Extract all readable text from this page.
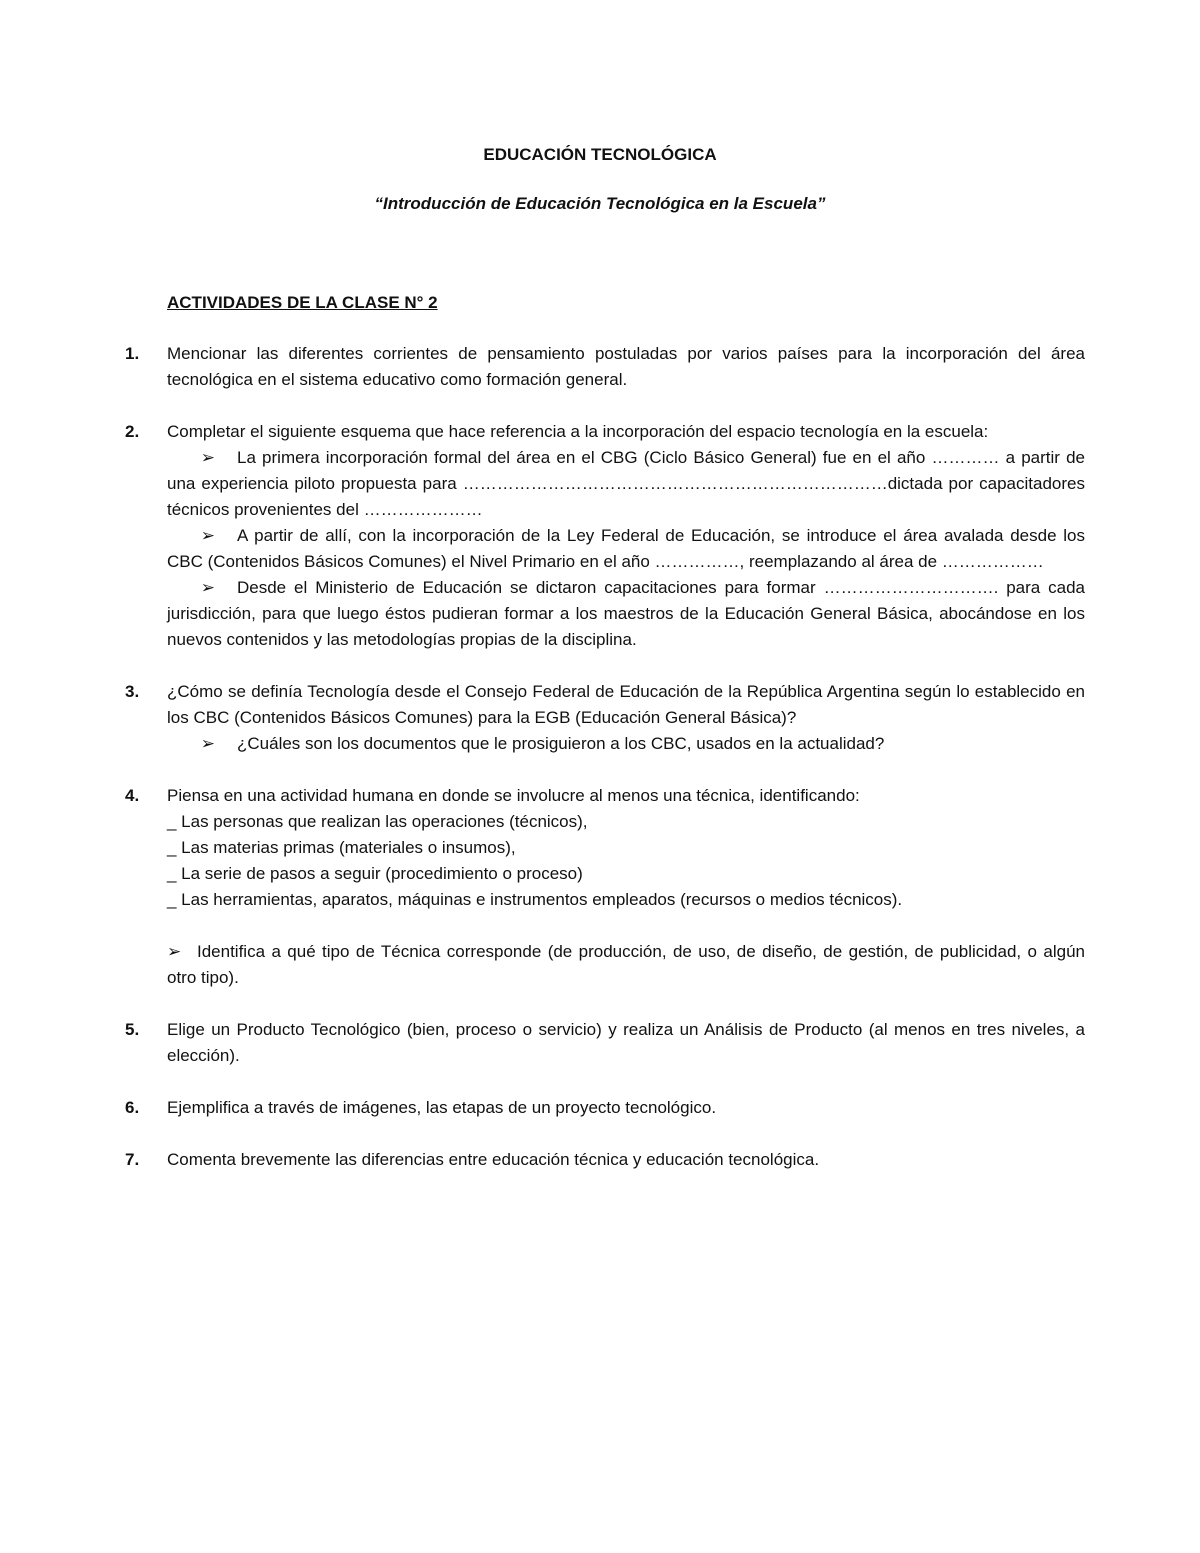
EDUCACIÓN TECNOLÓGICA
“Introducción de Educación Tecnológica en la Escuela”
ACTIVIDADES DE LA CLASE N° 2
1. Mencionar las diferentes corrientes de pensamiento postuladas por varios países para la incorporación del área tecnológica en el sistema educativo como formación general.

2. Completar el siguiente esquema que hace referencia a la incorporación del espacio tecnología en la escuela:

➢ La primera incorporación formal del área en el CBG (Ciclo Básico General) fue en el año ………… a partir de una experiencia piloto propuesta para …………………………………………………………………dictada por capacitadores técnicos provenientes del …………………

➢ A partir de allí, con la incorporación de la Ley Federal de Educación, se introduce el área avalada desde los CBC (Contenidos Básicos Comunes) el Nivel Primario en el año ……………, reemplazando al área de ………………

➢ Desde el Ministerio de Educación se dictaron capacitaciones para formar …………………………. para cada jurisdicción, para que luego éstos pudieran formar a los maestros de la Educación General Básica, abocándose en los nuevos contenidos y las metodologías propias de la disciplina.

3. ¿Cómo se definía Tecnología desde el Consejo Federal de Educación de la República Argentina según lo establecido en los CBC (Contenidos Básicos Comunes) para la EGB (Educación General Básica)?

➢ ¿Cuáles son los documentos que le prosiguieron a los CBC, usados en la actualidad?

4. Piensa en una actividad humana en donde se involucre al menos una técnica, identificando:

_ Las personas que realizan las operaciones (técnicos),

_ Las materias primas (materiales o insumos),

_ La serie de pasos a seguir (procedimiento o proceso)

_ Las herramientas, aparatos, máquinas e instrumentos empleados (recursos o medios técnicos).

➢ Identifica a qué tipo de Técnica corresponde (de producción, de uso, de diseño, de gestión, de publicidad, o algún otro tipo).

5. Elige un Producto Tecnológico (bien, proceso o servicio) y realiza un Análisis de Producto (al menos en tres niveles, a elección).

6. Ejemplifica a través de imágenes, las etapas de un proyecto tecnológico.

7. Comenta brevemente las diferencias entre educación técnica y educación tecnológica.
